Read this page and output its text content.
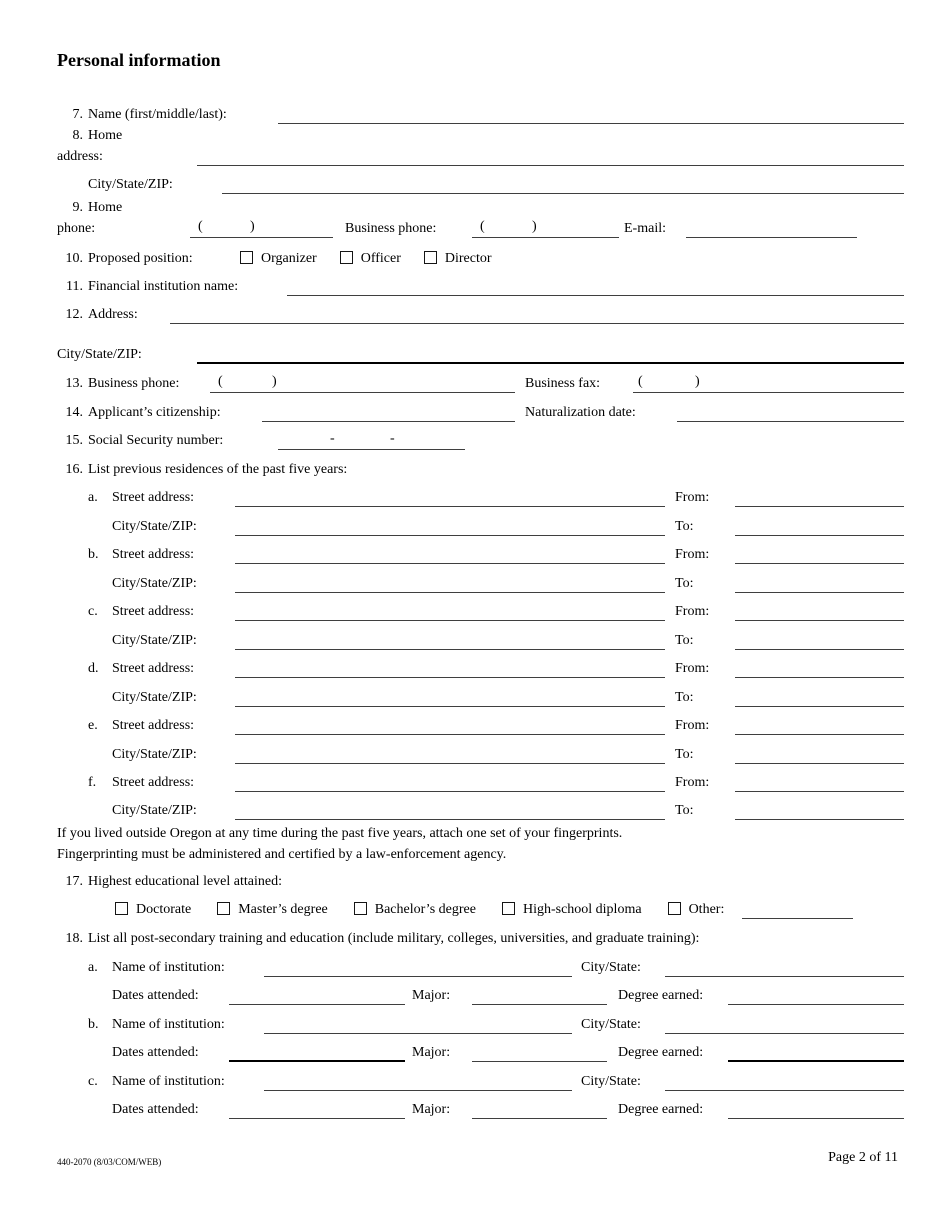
Personal information
7. Name (first/middle/last):
8. Home
address:
City/State/ZIP:
9. Home
phone:	(	)	Business phone:	(	)	E-mail:
10. Proposed position:	Organizer	Officer	Director
11. Financial institution name:
12. Address:
City/State/ZIP:
13. Business phone:	(	)	Business fax:	(	)
14. Applicant’s citizenship:	Naturalization date:
15. Social Security number:	-	-
16. List previous residences of the past five years:
a.	Street address:	From:
City/State/ZIP:	To:
b. Street address:	From:
City/State/ZIP:	To:
c.	Street address:	From:
City/State/ZIP:	To:
d. Street address:	From:
City/State/ZIP:	To:
e.	Street address:	From:
City/State/ZIP:	To:
f.	Street address:	From:
City/State/ZIP:	To:
If you lived outside Oregon at any time during the past five years, attach one set of your fingerprints.
Fingerprinting must be administered and certified by a law-enforcement agency.
17. Highest educational level attained:
Doctorate	Master’s degree	Bachelor’s degree	High-school diploma	Other:
18. List all post-secondary training and education (include military, colleges, universities, and graduate training):
a.	Name of institution:	City/State:
Dates attended:	Major:	Degree earned:
b. Name of institution:	City/State:
Dates attended:	Major:	Degree earned:
c.	Name of institution:	City/State:
Dates attended:	Major:	Degree earned:
440-2070 (8/03/COM/WEB)	Page 2 of 11
